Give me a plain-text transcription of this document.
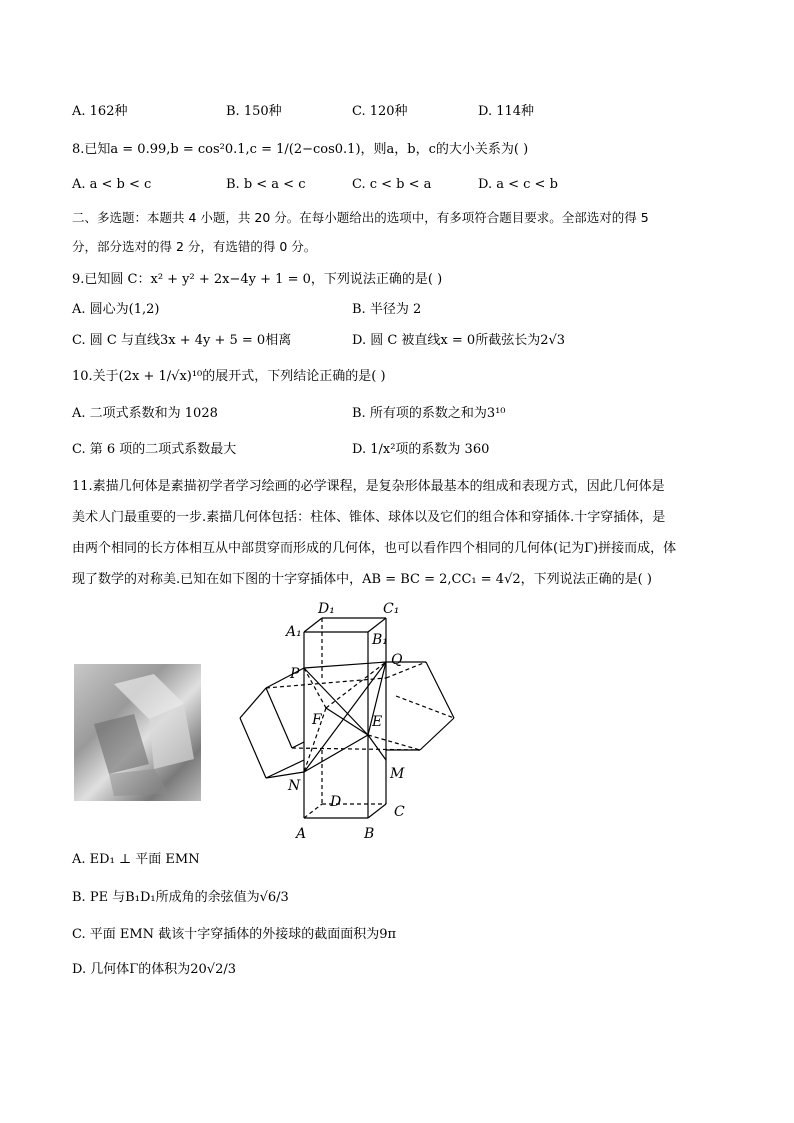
A. 162种	B. 150种	C. 120种	D. 114种
8.已知a = 0.99,b = cos²0.1,c = 1/(2−cos0.1)，则a，b，c的大小关系为( )
A. a < b < c	B. b < a < c	C. c < b < a	D. a < c < b
二、多选题：本题共 4 小题，共 20 分。在每小题给出的选项中，有多项符合题目要求。全部选对的得 5
分，部分选对的得 2 分，有选错的得 0 分。
9.已知圆 C：x² + y² + 2x−4y + 1 = 0，下列说法正确的是( )
A. 圆心为(1,2)	B. 半径为 2
C. 圆 C 与直线3x + 4y + 5 = 0相离	D. 圆 C 被直线x = 0所截弦长为2√3
10.关于(2x + 1/√x)¹⁰的展开式，下列结论正确的是( )
A. 二项式系数和为 1028	B. 所有项的系数之和为3¹⁰
C. 第 6 项的二项式系数最大	D. 1/x²项的系数为 360
11.素描几何体是素描初学者学习绘画的必学课程，是复杂形体最基本的组成和表现方式，因此几何体是
美术人门最重要的一步.素描几何体包括：柱体、锥体、球体以及它们的组合体和穿插体.十字穿插体，是
由两个相同的长方体相互从中部贯穿而形成的几何体，也可以看作四个相同的几何体(记为Γ)拼接而成，体
现了数学的对称美.已知在如下图的十字穿插体中，AB = BC = 2,CC₁ = 4√2，下列说法正确的是( )
D₁	C₁
A₁	B₁
P
Q
F	E
N
M
D
C
A	B
A. ED₁ ⊥ 平面 EMN
B. PE 与B₁D₁所成角的余弦值为√6/3
C. 平面 EMN 截该十字穿插体的外接球的截面面积为9π
D. 几何体Γ的体积为20√2/3
